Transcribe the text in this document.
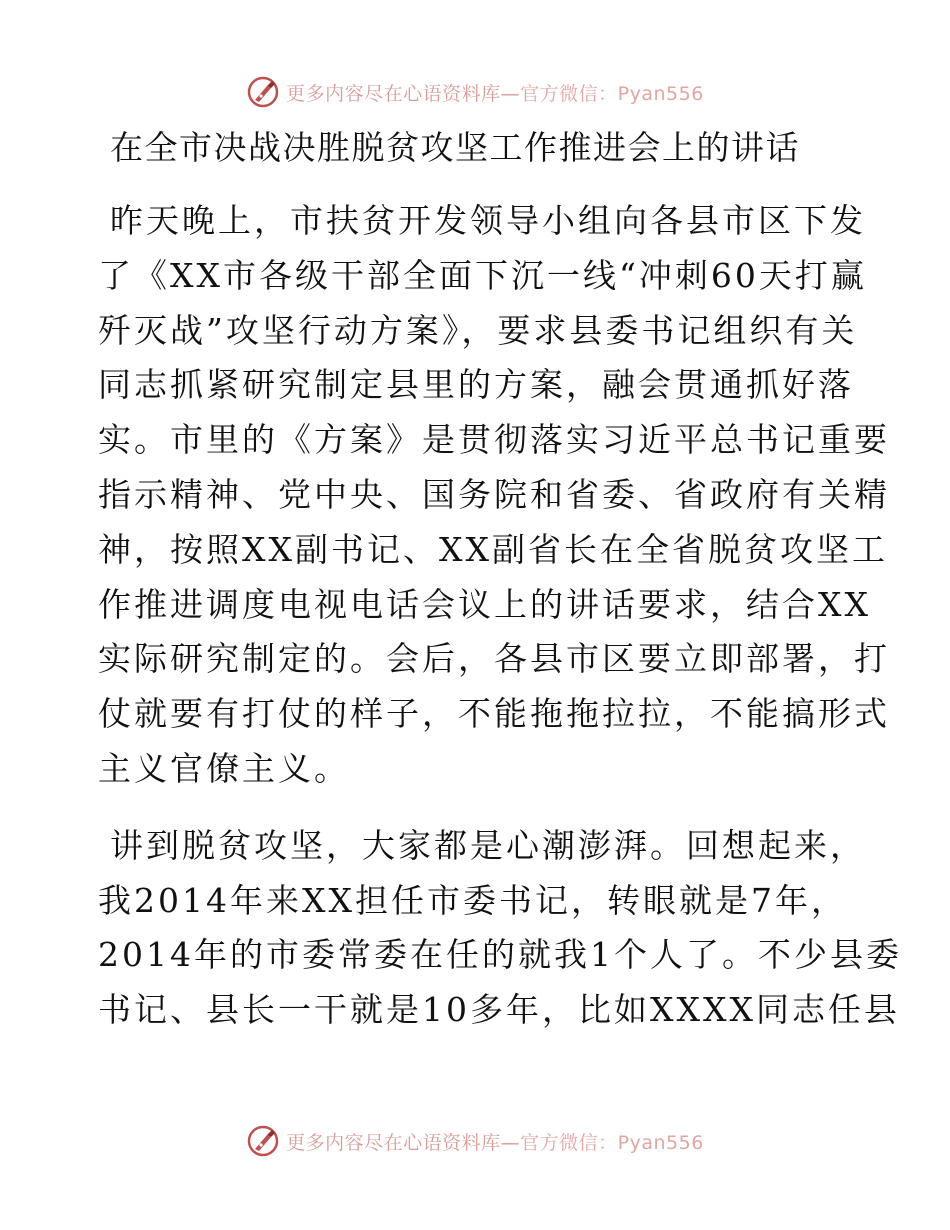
更多内容尽在心语资料库—官方微信：Pyan556
在全市决战决胜脱贫攻坚工作推进会上的讲话

昨天晚上，市扶贫开发领导小组向各县市区下发
了《XX市各级干部全面下沉一线“冲刺60天打赢
歼灭战”攻坚行动方案》，要求县委书记组织有关
同志抓紧研究制定县里的方案，融会贯通抓好落
实。市里的《方案》是贯彻落实习近平总书记重要
指示精神、党中央、国务院和省委、省政府有关精
神，按照XX副书记、XX副省长在全省脱贫攻坚工
作推进调度电视电话会议上的讲话要求，结合XX
实际研究制定的。会后，各县市区要立即部署，打
仗就要有打仗的样子，不能拖拖拉拉，不能搞形式
主义官僚主义。

讲到脱贫攻坚，大家都是心潮澎湃。回想起来，
我2014年来XX担任市委书记，转眼就是7年，
2014年的市委常委在任的就我1个人了。不少县委
书记、县长一干就是10多年，比如XXXX同志任县

更多内容尽在心语资料库—官方微信：Pyan556
